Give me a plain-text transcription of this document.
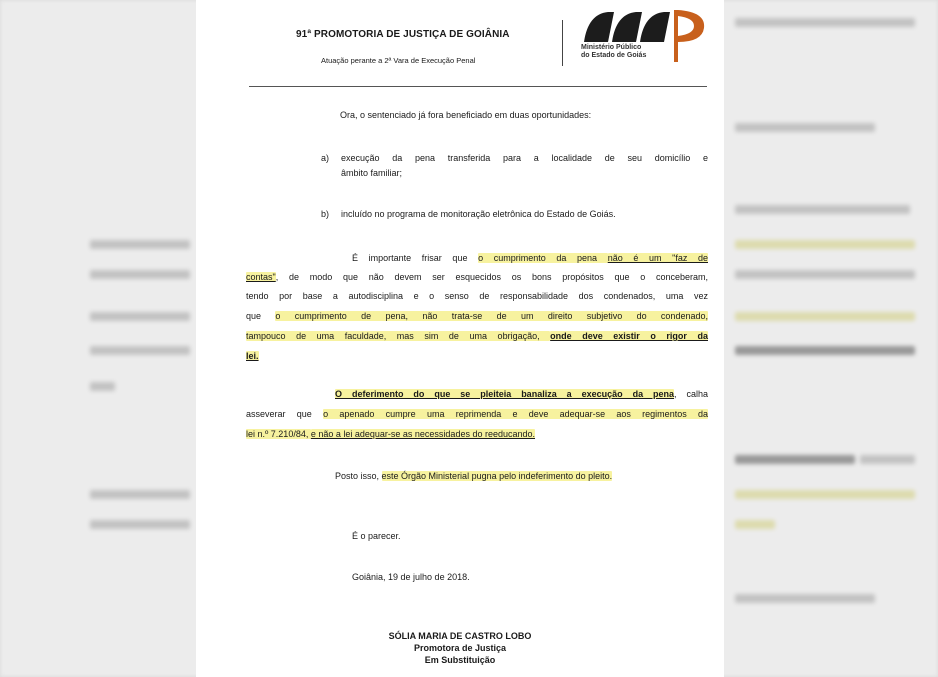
91ª PROMOTORIA DE JUSTIÇA DE GOIÂNIA
Atuação perante a 2ª Vara de Execução Penal
Ministério Público
do Estado de Goiás
Ora, o sentenciado já fora beneficiado em duas oportunidades:
a) execução da pena transferida para a localidade de seu domicílio e
âmbito familiar;
b) incluído no programa de monitoração eletrônica do Estado de Goiás.
É importante frisar que o cumprimento da pena não é um "faz de
contas", de modo que não devem ser esquecidos os bons propósitos que o conceberam,
tendo por base a autodisciplina e o senso de responsabilidade dos condenados, uma vez
que o cumprimento de pena, não trata-se de um direito subjetivo do condenado,
tampouco de uma faculdade, mas sim de uma obrigação, onde deve existir o rigor da
lei.
O deferimento do que se pleiteia banaliza a execução da pena, calha
asseverar que o apenado cumpre uma reprimenda e deve adequar-se aos regimentos da
lei n.º 7.210/84, e não a lei adequar-se as necessidades do reeducando.
Posto isso, este Órgão Ministerial pugna pelo indeferimento do pleito.
É o parecer.
Goiânia, 19 de julho de 2018.
SÓLIA MARIA DE CASTRO LOBO
Promotora de Justiça
Em Substituição
